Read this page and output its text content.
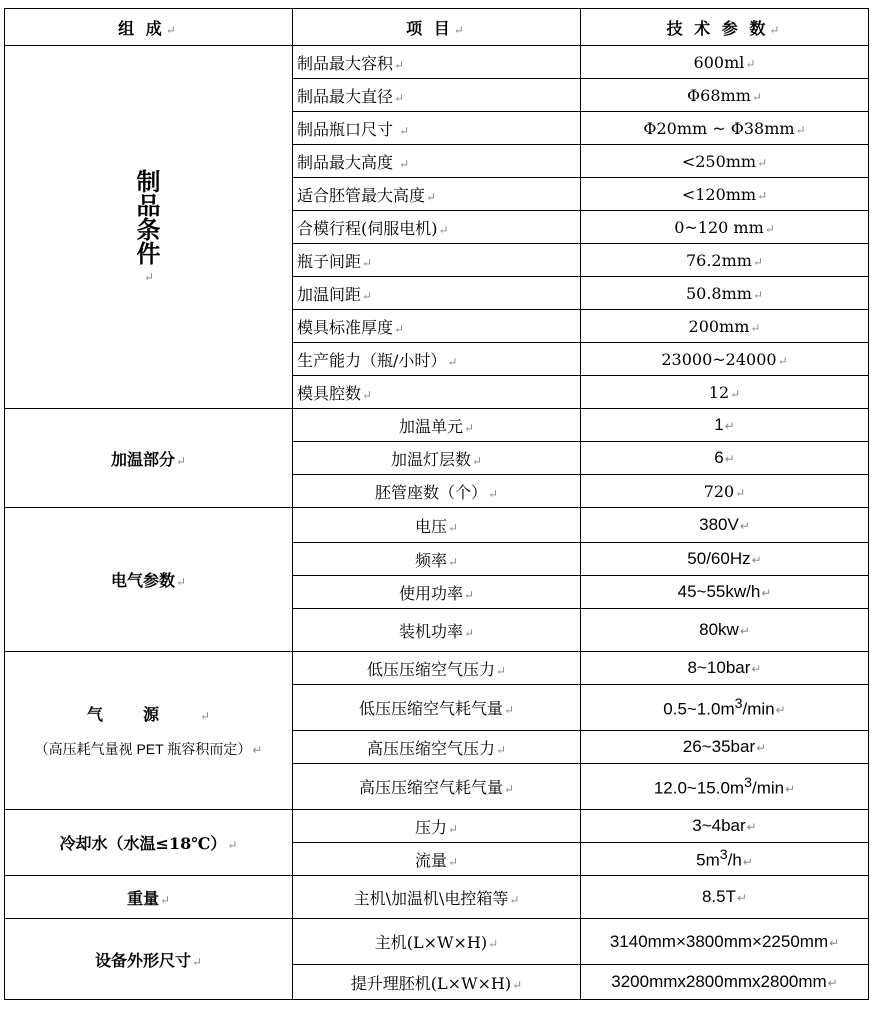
组 成↵	项 目↵	技 术 参 数↵
制品条件
↵	制品最大容积↵	600ml↵
	制品最大直径↵	Φ68mm↵
	制品瓶口尺寸 ↵	Φ20mm ~ Φ38mm↵
	制品最大高度 ↵	<250mm↵
	适合胚管最大高度↵	<120mm↵
	合模行程(伺服电机)↵	0~120 mm↵
	瓶子间距↵	76.2mm↵
	加温间距↵	50.8mm↵
	模具标准厚度↵	200mm↵
	生产能力（瓶/小时）↵	23000~24000↵
	模具腔数↵	12↵
加温部分↵	加温单元↵	1↵
	加温灯层数↵	6↵
	胚管座数（个）↵	720↵
电气参数↵	电压↵	380V↵
	频率↵	50/60Hz↵
	使用功率↵	45~55kw/h↵
	装机功率↵	80kw↵
气源↵
（高压耗气量视 PET 瓶容积而定）↵	低压压缩空气压力↵	8~10bar↵
	低压压缩空气耗气量↵	$0.5\sim 1.0m^3/\min↵$
	高压压缩空气压力↵	26~35bar↵
	高压压缩空气耗气量↵	$12.0\sim 15.0m^3/\min↵$
冷却水（水温≤18℃）↵	压力↵	3~4bar↵
	流量↵	$5m^3/h↵$
重量↵	主机\加温机\电控箱等↵	8.5T↵
设备外形尺寸↵	主机(L×W×H)↵	3140mm×3800mm×2250mm↵
	提升理胚机(L×W×H)↵	3200mmx2800mmx2800mm↵
